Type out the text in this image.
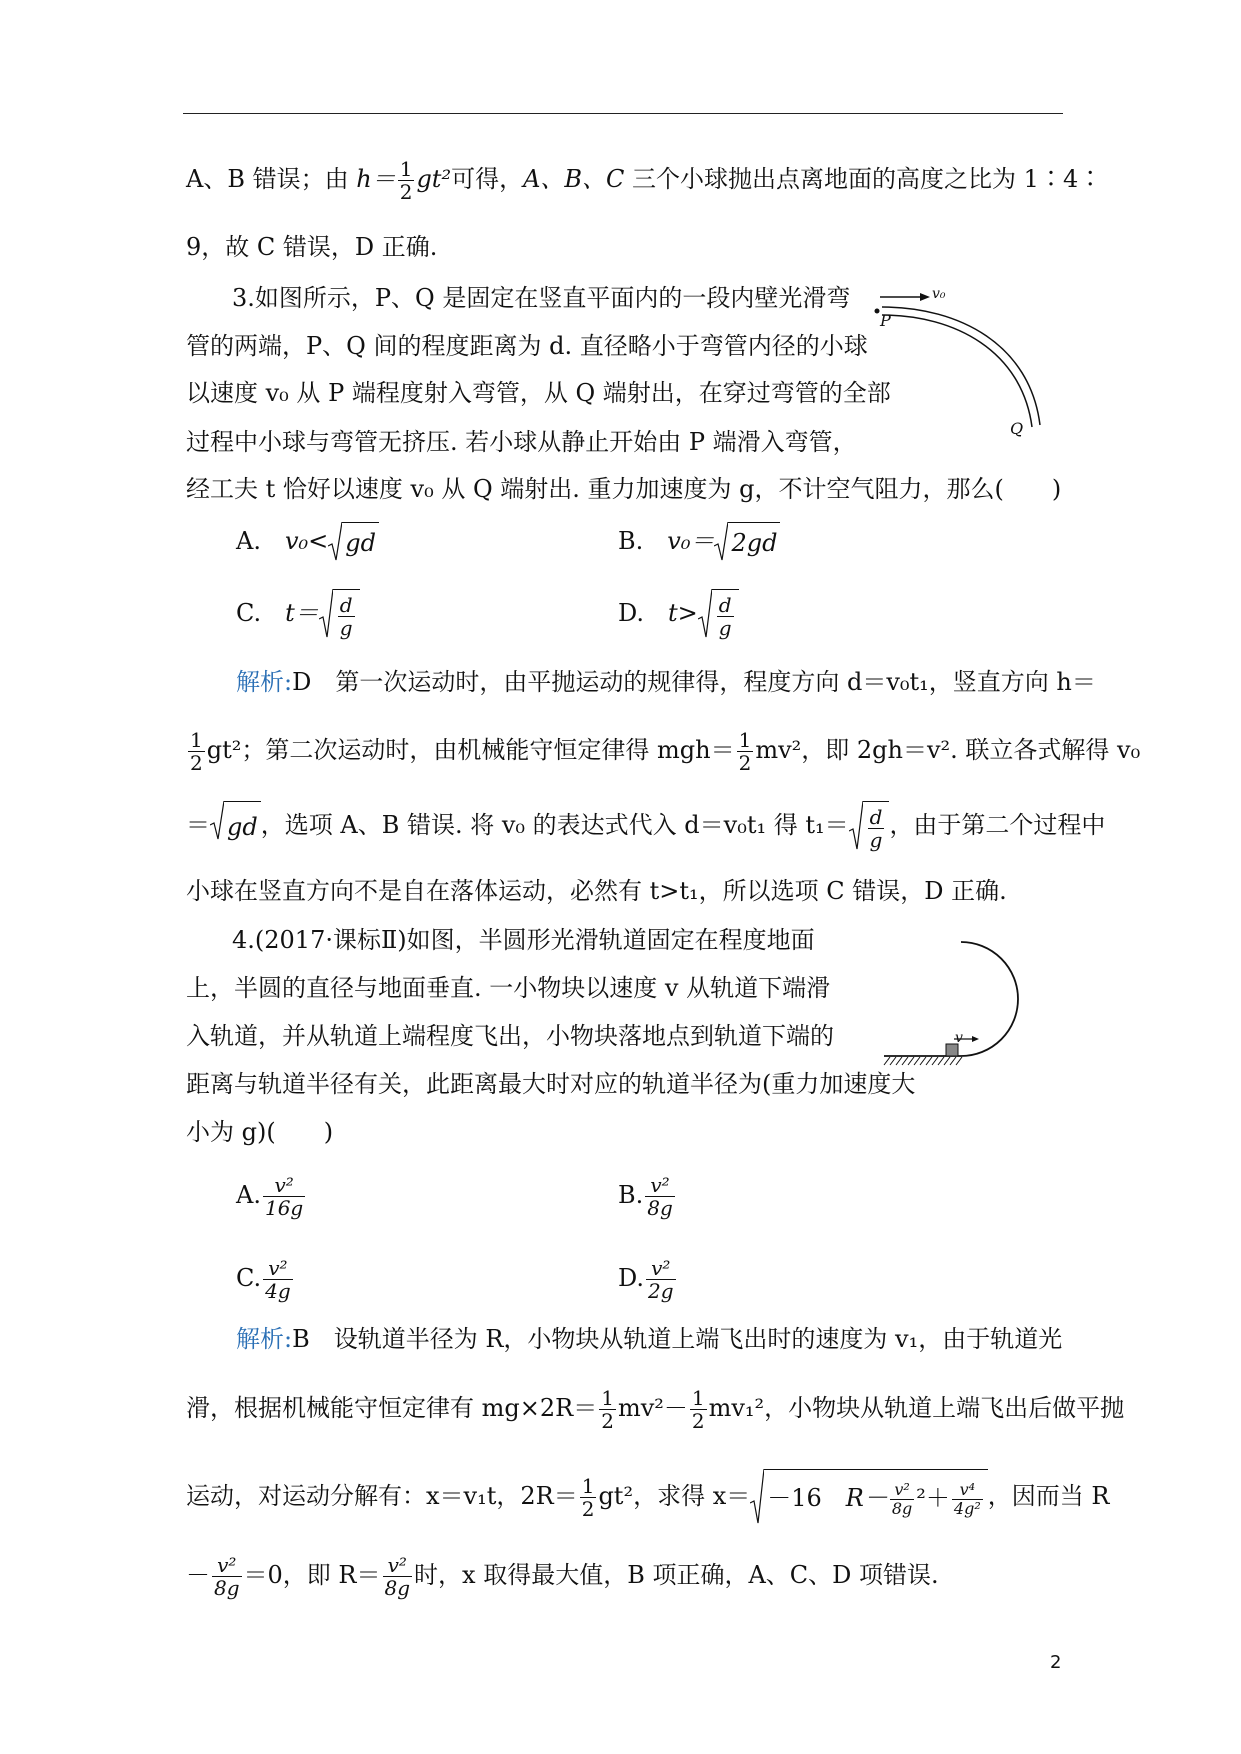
A、B 错误；由 $h= \frac{1}{2} gt^2$可得，A、B、C 三个小球抛出点离地面的高度之比为 1∶4∶
9，故 C 错误，D 正确.
3.如图所示，P、Q 是固定在竖直平面内的一段内壁光滑弯
管的两端，P、Q 间的程度距离为 d. 直径略小于弯管内径的小球
以速度 v₀ 从 P 端程度射入弯管，从 Q 端射出，在穿过弯管的全部
过程中小球与弯管无挤压. 若小球从静止开始由 P 端滑入弯管，
经工夫 t 恰好以速度 v₀ 从 Q 端射出. 重力加速度为 g，不计空气阻力，那么(　　)
v₀
P
Q
A.　 v₀< gd	B.　 v₀＝ 2gd
C.　 $t= \frac{d}{g}$	D.　 $t> \frac{d}{g}$
解析:D　第一次运动时，由平抛运动的规律得，程度方向 d＝v₀t₁，竖直方向 h＝
$\frac{1}{2} gt^2$；第二次运动时，由机械能守恒定律得 $mgh= \frac{1}{2} mv^2$，即 2gh＝v². 联立各式解得 v₀
＝ gd ，选项 A、B 错误. 将 v₀ 的表达式代入 d＝v₀t₁ 得 $t_1= \frac{d}{g}$ ，由于第二个过程中
小球在竖直方向不是自在落体运动，必然有 t>t₁，所以选项 C 错误，D 正确.
4.(2017·课标Ⅱ)如图，半圆形光滑轨道固定在程度地面
上，半圆的直径与地面垂直. 一小物块以速度 v 从轨道下端滑
入轨道，并从轨道上端程度飞出，小物块落地点到轨道下端的
距离与轨道半径有关，此距离最大时对应的轨道半径为(重力加速度大
小为 g)(　　)
v
A. $\frac{\text{v²}}{16g}$	B. $\frac{\text{v²}}{8g}$
C. $\frac{\text{v²}}{4g}$	D. $\frac{\text{v²}}{2g}$
解析:B　设轨道半径为 R，小物块从轨道上端飞出时的速度为 v₁，由于轨道光
滑，根据机械能守恒定律有 $mg\times 2R= \frac{1}{2} mv^2- \frac{1}{2} mv_1^2$，小物块从轨道上端飞出后做平抛
运动，对运动分解有：x＝v₁t，$2R= \frac{1}{2} gt^2$，求得 x＝ －16　 $R- \frac{\text{v²}}{8g} ^2+ \frac{\text{v⁴}}{\text{4g²}}$ ，因而当 R
－ $\frac{\text{v²}}{8g} =0$，即 $R= \frac{\text{v²}}{8g}$ 时，x 取得最大值，B 项正确，A、C、D 项错误.
2
